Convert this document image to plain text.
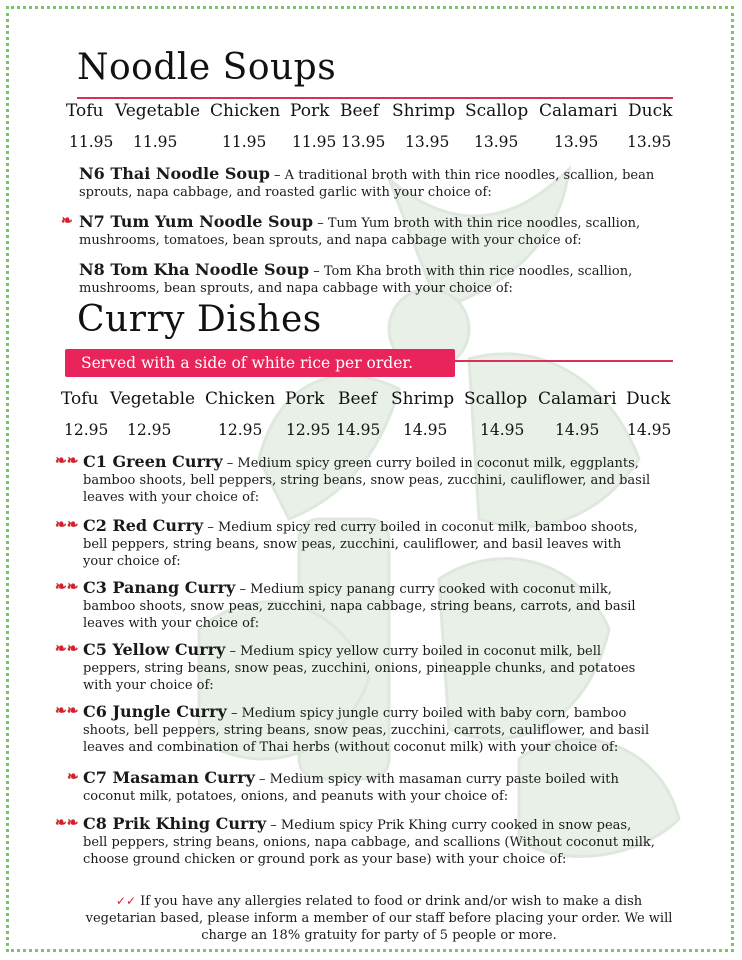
Noodle Soups
Tofu Vegetable Chicken Pork Beef Shrimp Scallop Calamari Duck
11.95 11.95	11.95 11.95 13.95 13.95 13.95 13.95 13.95
N6 Thai Noodle Soup – A traditional broth with thin rice noodles, scallion, bean sprouts, napa cabbage, and roasted garlic with your choice of:
❧ N7 Tum Yum Noodle Soup – Tum Yum broth with thin rice noodles, scallion, mushrooms, tomatoes, bean sprouts, and napa cabbage with your choice of:
N8 Tom Kha Noodle Soup – Tom Kha broth with thin rice noodles, scallion, mushrooms, bean sprouts, and napa cabbage with your choice of:
Curry Dishes
Served with a side of white rice per order.
Tofu Vegetable Chicken Pork Beef Shrimp Scallop Calamari Duck
12.95 12.95	12.95 12.95 14.95 14.95 14.95 14.95 14.95
❧❧ C1 Green Curry – Medium spicy green curry boiled in coconut milk, eggplants, bamboo shoots, bell peppers, string beans, snow peas, zucchini, cauliflower, and basil leaves with your choice of:
❧❧ C2 Red Curry – Medium spicy red curry boiled in coconut milk, bamboo shoots, bell peppers, string beans, snow peas, zucchini, cauliflower, and basil leaves with your choice of:
❧❧ C3 Panang Curry – Medium spicy panang curry cooked with coconut milk, bamboo shoots, snow peas, zucchini, napa cabbage, string beans, carrots, and basil leaves with your choice of:
❧❧ C5 Yellow Curry – Medium spicy yellow curry boiled in coconut milk, bell peppers, string beans, snow peas, zucchini, onions, pineapple chunks, and potatoes with your choice of:
❧❧ C6 Jungle Curry – Medium spicy jungle curry boiled with baby corn, bamboo shoots, bell peppers, string beans, snow peas, zucchini, carrots, cauliflower, and basil leaves and combination of Thai herbs (without coconut milk) with your choice of:
❧ C7 Masaman Curry – Medium spicy with masaman curry paste boiled with coconut milk, potatoes, onions, and peanuts with your choice of:
❧❧ C8 Prik Khing Curry – Medium spicy Prik Khing curry cooked in snow peas, bell peppers, string beans, onions, napa cabbage, and scallions (Without coconut milk, choose ground chicken or ground pork as your base) with your choice of:
✓✓ If you have any allergies related to food or drink and/or wish to make a dish vegetarian based, please inform a member of our staff before placing your order. We will charge an 18% gratuity for party of 5 people or more.
